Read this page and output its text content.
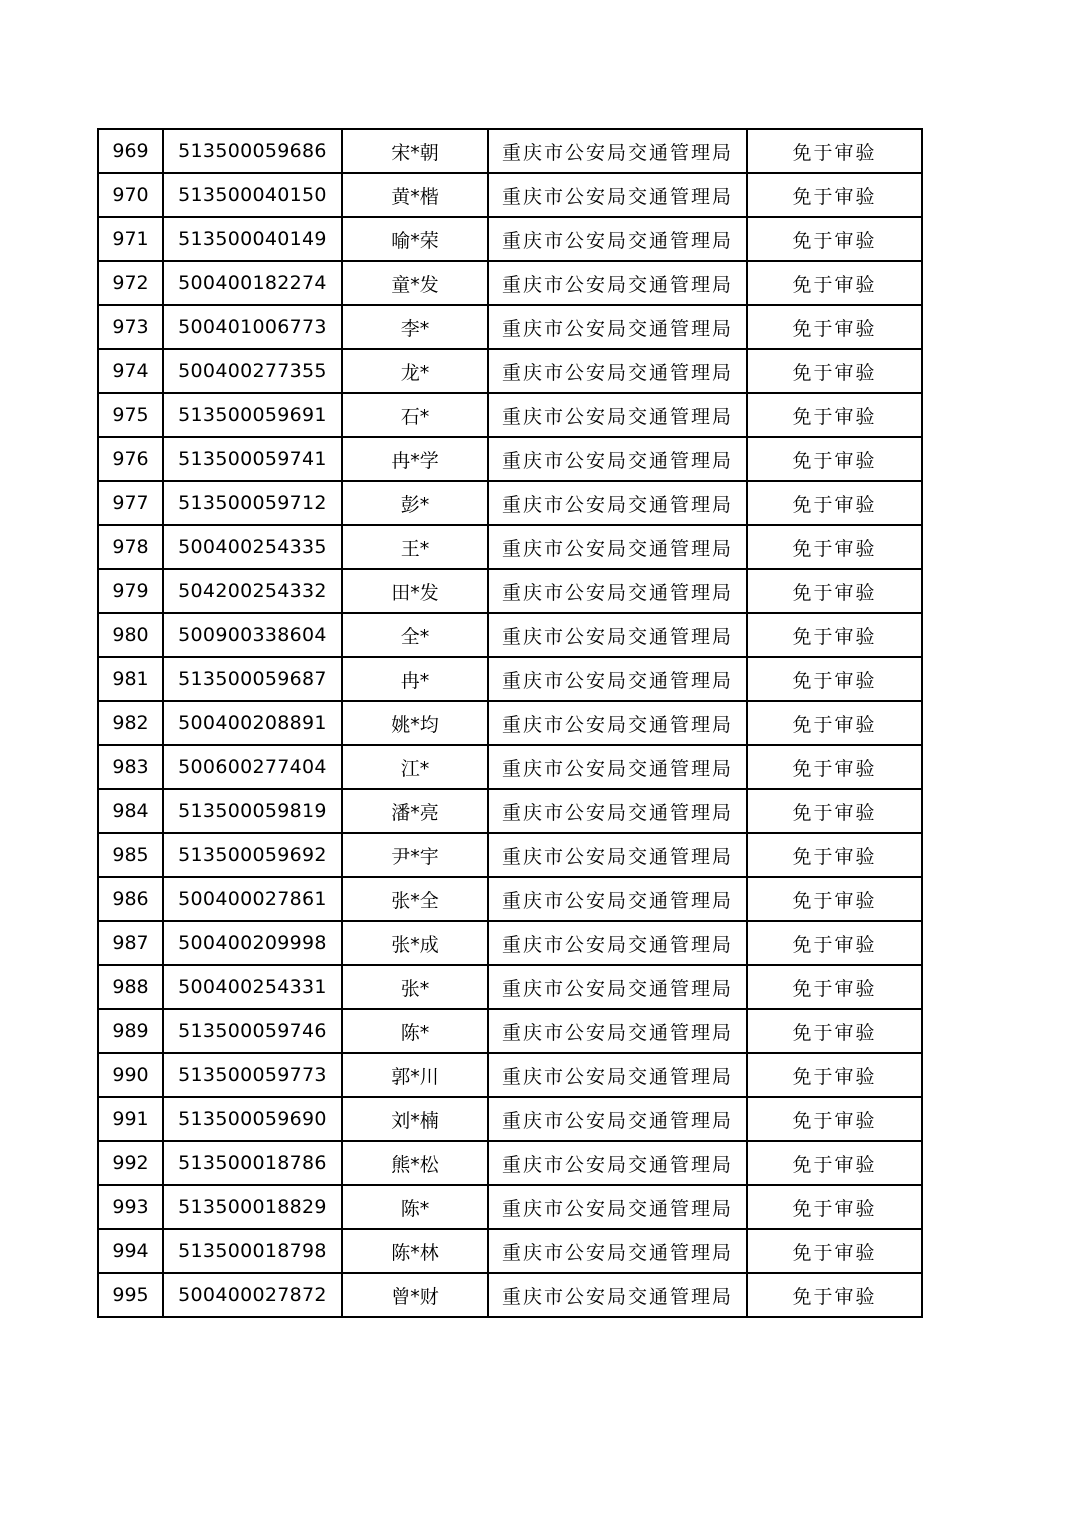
969	513500059686	宋*朝	重庆市公安局交通管理局	免于审验
970	513500040150	黄*楷	重庆市公安局交通管理局	免于审验
971	513500040149	喻*荣	重庆市公安局交通管理局	免于审验
972	500400182274	童*发	重庆市公安局交通管理局	免于审验
973	500401006773	李*	重庆市公安局交通管理局	免于审验
974	500400277355	龙*	重庆市公安局交通管理局	免于审验
975	513500059691	石*	重庆市公安局交通管理局	免于审验
976	513500059741	冉*学	重庆市公安局交通管理局	免于审验
977	513500059712	彭*	重庆市公安局交通管理局	免于审验
978	500400254335	王*	重庆市公安局交通管理局	免于审验
979	504200254332	田*发	重庆市公安局交通管理局	免于审验
980	500900338604	全*	重庆市公安局交通管理局	免于审验
981	513500059687	冉*	重庆市公安局交通管理局	免于审验
982	500400208891	姚*均	重庆市公安局交通管理局	免于审验
983	500600277404	江*	重庆市公安局交通管理局	免于审验
984	513500059819	潘*亮	重庆市公安局交通管理局	免于审验
985	513500059692	尹*宇	重庆市公安局交通管理局	免于审验
986	500400027861	张*全	重庆市公安局交通管理局	免于审验
987	500400209998	张*成	重庆市公安局交通管理局	免于审验
988	500400254331	张*	重庆市公安局交通管理局	免于审验
989	513500059746	陈*	重庆市公安局交通管理局	免于审验
990	513500059773	郭*川	重庆市公安局交通管理局	免于审验
991	513500059690	刘*楠	重庆市公安局交通管理局	免于审验
992	513500018786	熊*松	重庆市公安局交通管理局	免于审验
993	513500018829	陈*	重庆市公安局交通管理局	免于审验
994	513500018798	陈*林	重庆市公安局交通管理局	免于审验
995	500400027872	曾*财	重庆市公安局交通管理局	免于审验
